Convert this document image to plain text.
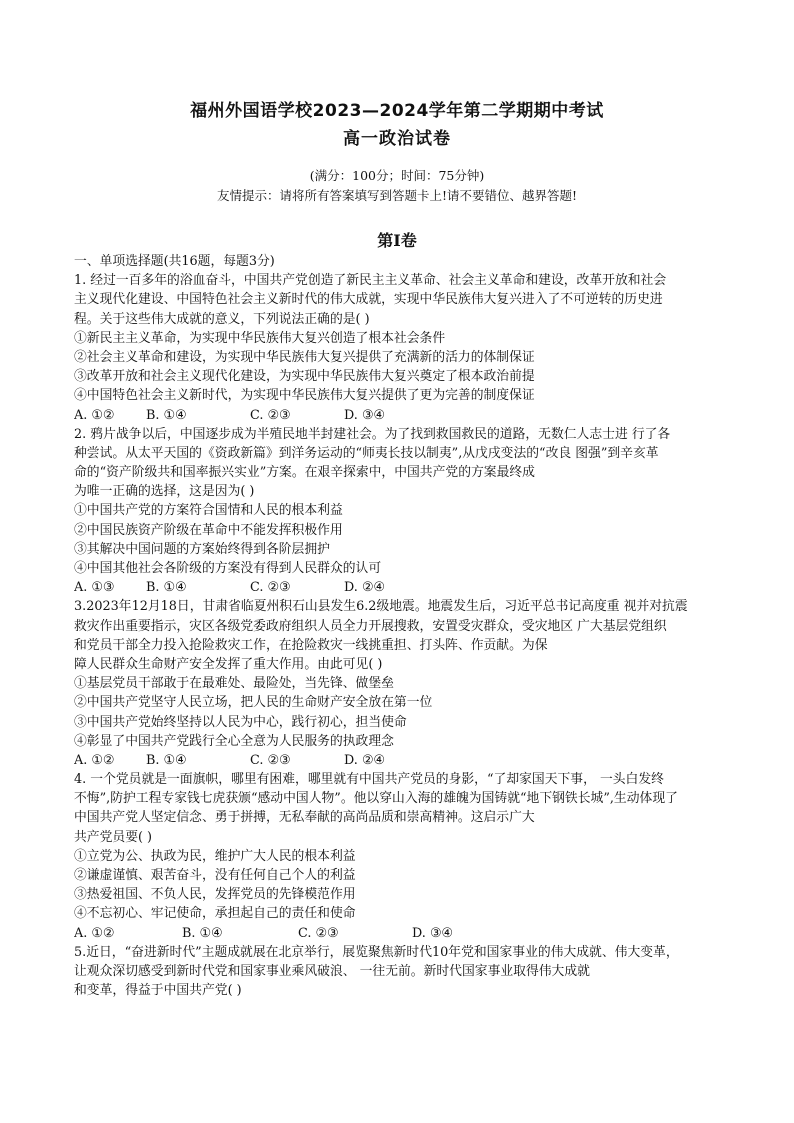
福州外国语学校2023—2024学年第二学期期中考试
高一政治试卷
(满分：100分；时间：75分钟)
友情提示：请将所有答案填写到答题卡上!请不要错位、越界答题!
第I卷
一、单项选择题(共16题，每题3分)
1. 经过一百多年的浴血奋斗，中国共产党创造了新民主主义革命、社会主义革命和建设，改革开放和社会
主义现代化建设、中国特色社会主义新时代的伟大成就，实现中华民族伟大复兴进入了不可逆转的历史进
程。关于这些伟大成就的意义，下列说法正确的是( )
①新民主主义革命，为实现中华民族伟大复兴创造了根本社会条件
②社会主义革命和建设，为实现中华民族伟大复兴提供了充满新的活力的体制保证
③改革开放和社会主义现代化建设，为实现中华民族伟大复兴奠定了根本政治前提
④中国特色社会主义新时代，为实现中华民族伟大复兴提供了更为完善的制度保证
A. ①② B. ①④	C. ②③	D. ③④
2. 鸦片战争以后，中国逐步成为半殖民地半封建社会。为了找到救国救民的道路，无数仁人志士进 行了各
种尝试。从太平天国的《资政新篇》到洋务运动的“师夷长技以制夷”,从戊戌变法的“改良 图强”到辛亥革
命的“资产阶级共和国率振兴实业”方案。在艰辛探索中，中国共产党的方案最终成
为唯一正确的选择，这是因为( )
①中国共产党的方案符合国情和人民的根本利益
②中国民族资产阶级在革命中不能发挥积极作用
③其解决中国问题的方案始终得到各阶层拥护
④中国其他社会各阶级的方案没有得到人民群众的认可
A. ①③ B. ①④	C. ②③	D. ②④
3.2023年12月18日，甘肃省临夏州积石山县发生6.2级地震。地震发生后，习近平总书记高度重 视并对抗震
救灾作出重要指示，灾区各级党委政府组织人员全力开展搜救，安置受灾群众，受灾地区 广大基层党组织
和党员干部全力投入抢险救灾工作，在抢险救灾一线挑重担、打头阵、作贡献。为保
障人民群众生命财产安全发挥了重大作用。由此可见( )
①基层党员干部敢于在最难处、最险处，当先锋、做堡垒
②中国共产党坚守人民立场，把人民的生命财产安全放在第一位
③中国共产党始终坚持以人民为中心，践行初心，担当使命
④彰显了中国共产党践行全心全意为人民服务的执政理念
A. ①② B. ①④	C. ②③	D. ②④
4. 一个党员就是一面旗帜，哪里有困难，哪里就有中国共产党员的身影，“了却家国天下事， 一头白发终
不悔”,防护工程专家钱七虎获颁“感动中国人物”。他以穿山入海的雄魄为国铸就“地下钢铁长城”,生动体现了
中国共产党人坚定信念、勇于拼搏，无私奉献的高尚品质和崇高精神。这启示广大
共产党员要( )
①立党为公、执政为民，维护广大人民的根本利益
②谦虚谨慎、艰苦奋斗，没有任何自己个人的利益
③热爱祖国、不负人民，发挥党员的先锋模范作用
④不忘初心、牢记使命，承担起自己的责任和使命
A. ①②	B. ①④	C. ②③	D. ③④
5.近日，“奋进新时代”主题成就展在北京举行，展览聚焦新时代10年党和国家事业的伟大成就、伟大变革，
让观众深切感受到新时代党和国家事业乘风破浪、 一往无前。新时代国家事业取得伟大成就
和变革，得益于中国共产党( )
